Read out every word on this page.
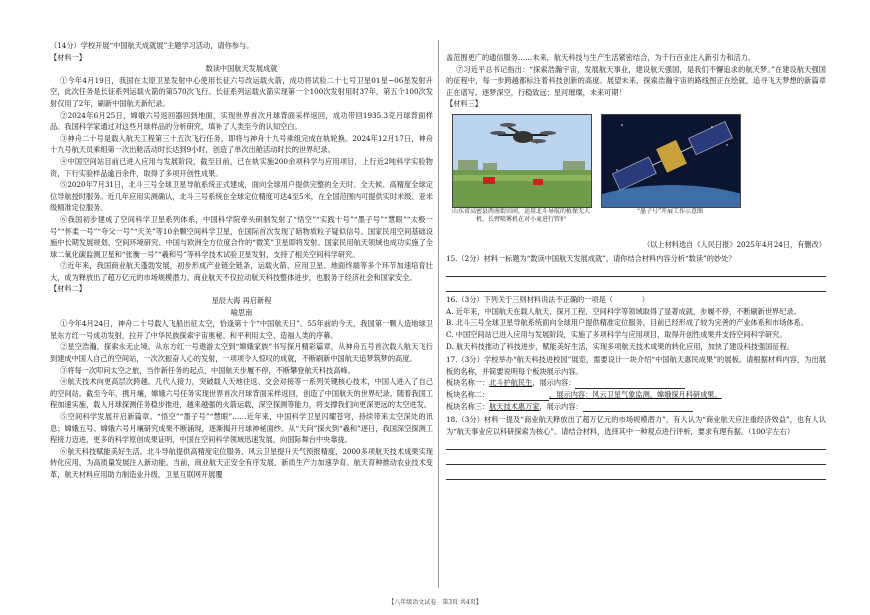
（14分）学校开展“中国航天成就展”主题学习活动，请你参与。

【材料一】

数读中国航天发展成就

①今年4月19日，我国在太原卫星发射中心使用长征六号改运载火箭，成功将试验二十七号卫星01星~06星发射升空，此次任务是长征系列运载火箭的第570次飞行。长征系列运载火箭实现第一个100次发射用时37年，第五个100次发射仅用了2年，刷新中国航天新纪录。

②2024年6月25日，嫦娥六号返回器回到地面，实现世界首次月球背面采样返回，成功带回1935.3克月球背面样品。我国科学家通过对这些月球样品的分析研究，填补了人类至今的认知空白。

③神舟二十号是载人航天工程第三十五次飞行任务，即将与神舟十九号乘组完成在轨轮换。2024年12月17日，神舟十九号航天员乘组第一次出舱活动时长达到9小时，创造了单次出舱活动时长的世界纪录。

④中国空间站目前已进入应用与发展阶段，截至目前，已在轨实施200余项科学与应用项目，上行近2吨科学实验物资，下行实验样品逾百余件，取得了多项开创性成果。

⑤2020年7月31日，北斗三号全球卫星导航系统正式建成，面向全球用户提供完整的全天时、全天候、高精度全球定位导航授时服务。近几年应用实测确认，北斗三号系统在全球定位精度可达4至5米，在全国范围内可提供实时米级、亚米级精准定位服务。

⑥我国初步建成了空间科学卫星系列体系，中国科学院牵头研制发射了“悟空”“实践十号”“墨子号”“慧眼”“太极一号”“怀柔一号”“夸父一号”“天关”等10余颗空间科学卫星，在国际首次发现了暗物质粒子疑似信号。国家民用空间基础设施中长期发展规划、空间环境研究、中国与欧洲全方位度合作的“微笑”卫星即将发射。国家民用航天领域也成功实施了全球二氧化碳监测卫星和“张衡一号”“羲和号”等科学技术试验卫星发射，支持了相关空间科学研究。

⑦近年来，我国商业航天蓬勃发展，初步形成产业链全链条，运载火箭、应用卫星、地面终端等多个环节加速培育壮大，成为释放出了超万亿元的市场规模潜力。商业航天不仅拉动航天科技整体进步，也服务于经济社会和国家安全。

【材料二】

星辰大海 再启新程

喻思南

①今年4月24日，神舟二十号载人飞船出征太空，恰逢第十个“中国航天日”。55年前的今天，我国第一颗人造地球卫星东方红一号成功发射，拉开了中华民族探索宇宙奥秘、和平利用太空、造福人类的序幕。

②星空浩瀚，探索永无止境。从东方红一号遨游太空到“嫦娥家族”书写探月精彩篇章，从神舟五号首次载人航天飞行到建成中国人自己的空间站，一次次振奋人心的发射，一项项令人惊叹的成就，不断刷新中国航天追梦筑梦的高度。

③将每一次叩问太空之旅，当作新任务的起点，中国航天步履不停，不断攀登航天科技高峰。

④航天技术向更高层次跨越。几代人接力，突破载人天地往返、交会对接等一系列关键核心技术，中国人进入了自己的空间站。截至今年，携月壤，嫦娥六号任务实现世界首次月球背面采样返回，创造了中国航天的世界纪录。随着我国工程加速实施，载人月球探测任务稳步推进，越来越强的火箭运载，深空探测等能力，将支撑我们向更深更远的太空进发。

⑤空间科学发展开启新篇章。“悟空”“墨子号”“慧眼”……近年来，中国科学卫星闪耀苍穹，持续带来太空深处的讯息；嫦娥五号、嫦娥六号月壤研究成果不断涌现，逐渐揭开月球神秘面纱。从“天问”探火到“羲和”逐日，我国深空探测工程接力迈进，更多的科学原创成果证明，中国在空间科学领域迅速发展，向国际舞台中央靠拢。

⑥航天科技赋能美好生活。北斗导航提供高精度定位服务、风云卫星提升天气预报精度，2000多项航天技术成果实现转化应用，为高质量发展注入新动能。当前，商业航天正安全有序发展，新质生产力加速孕育。航天育种推动农业技术变革，航天材料应用助力制造业升级，卫星互联网开展覆

盖范围更广的通信服务……未来，航天科技与生产生活紧密结合，为千行百业注入新引力和活力。

⑦习近平总书记指出：“探索浩瀚宇宙，发展航天事业，建设航天强国，是我们不懈追求的航天梦。”在建设航天强国的征程中，每一步跨越都标注着科技创新的高度。展望未来，探索浩瀚宇宙的路线图正在绘就，追寻飞天梦想的新篇章正在谱写。逐梦深空，行稳致远；星河璀璨，未来可期！

【材料三】

山东省高密县西南街田间，运用北斗导航的植保无人机、长臂喷雾机在对小麦进行管护
“墨子号”开展工作示意图

（以上材料选自《人民日报》2025年4月24日，有删改）

15.（2分）材料一标题为“数读中国航天发展成就”，请你结合材料内容分析“数读”的妙处？

16.（3分）下列关于三则材料说法不正确的一项是（　　　　）

A. 近年来，中国航天在载人航天、探月工程、空间科学等领域取得了显著成就，步履不停，不断刷新世界纪录。

B. 北斗三号全球卫星导航系统面向全球用户提供精准定位服务，目前已经形成了较为完善的产业体系和市场体系。

C. 中国空间站已进入应用与发展阶段，实施了多项科学与应用项目，取得开创性成果并支持空间科学研究。

D. 航天科技推动了科技进步，赋能美好生活，实现多项航天技术成果的转化应用，加快了建设科技强国征程。

17.（3分）学校举办“航天科技进校园”展览，需要设计一块介绍“中国航天惠民成果”的展板。请根据材料内容，为出展板的名称，并简要说明每个板块展示内容。

板块名称一：北斗护航民生，展示内容：

板块名称二：	，展示内容：风云卫星气象监测、嫦娥探月科研成果。

板块名称三：航天技术惠万家，展示内容：

18.（3分）材料一提及“商业航天释放出了超万亿元的市场规模潜力”，有人认为“商业航天应注重经济效益”，也有人认为“航天事业应以科研探索为核心”。请结合材料，选择其中一种观点进行评析，要求有理有据。（100字左右）

【八年级语文试卷　第3页 共4页】
